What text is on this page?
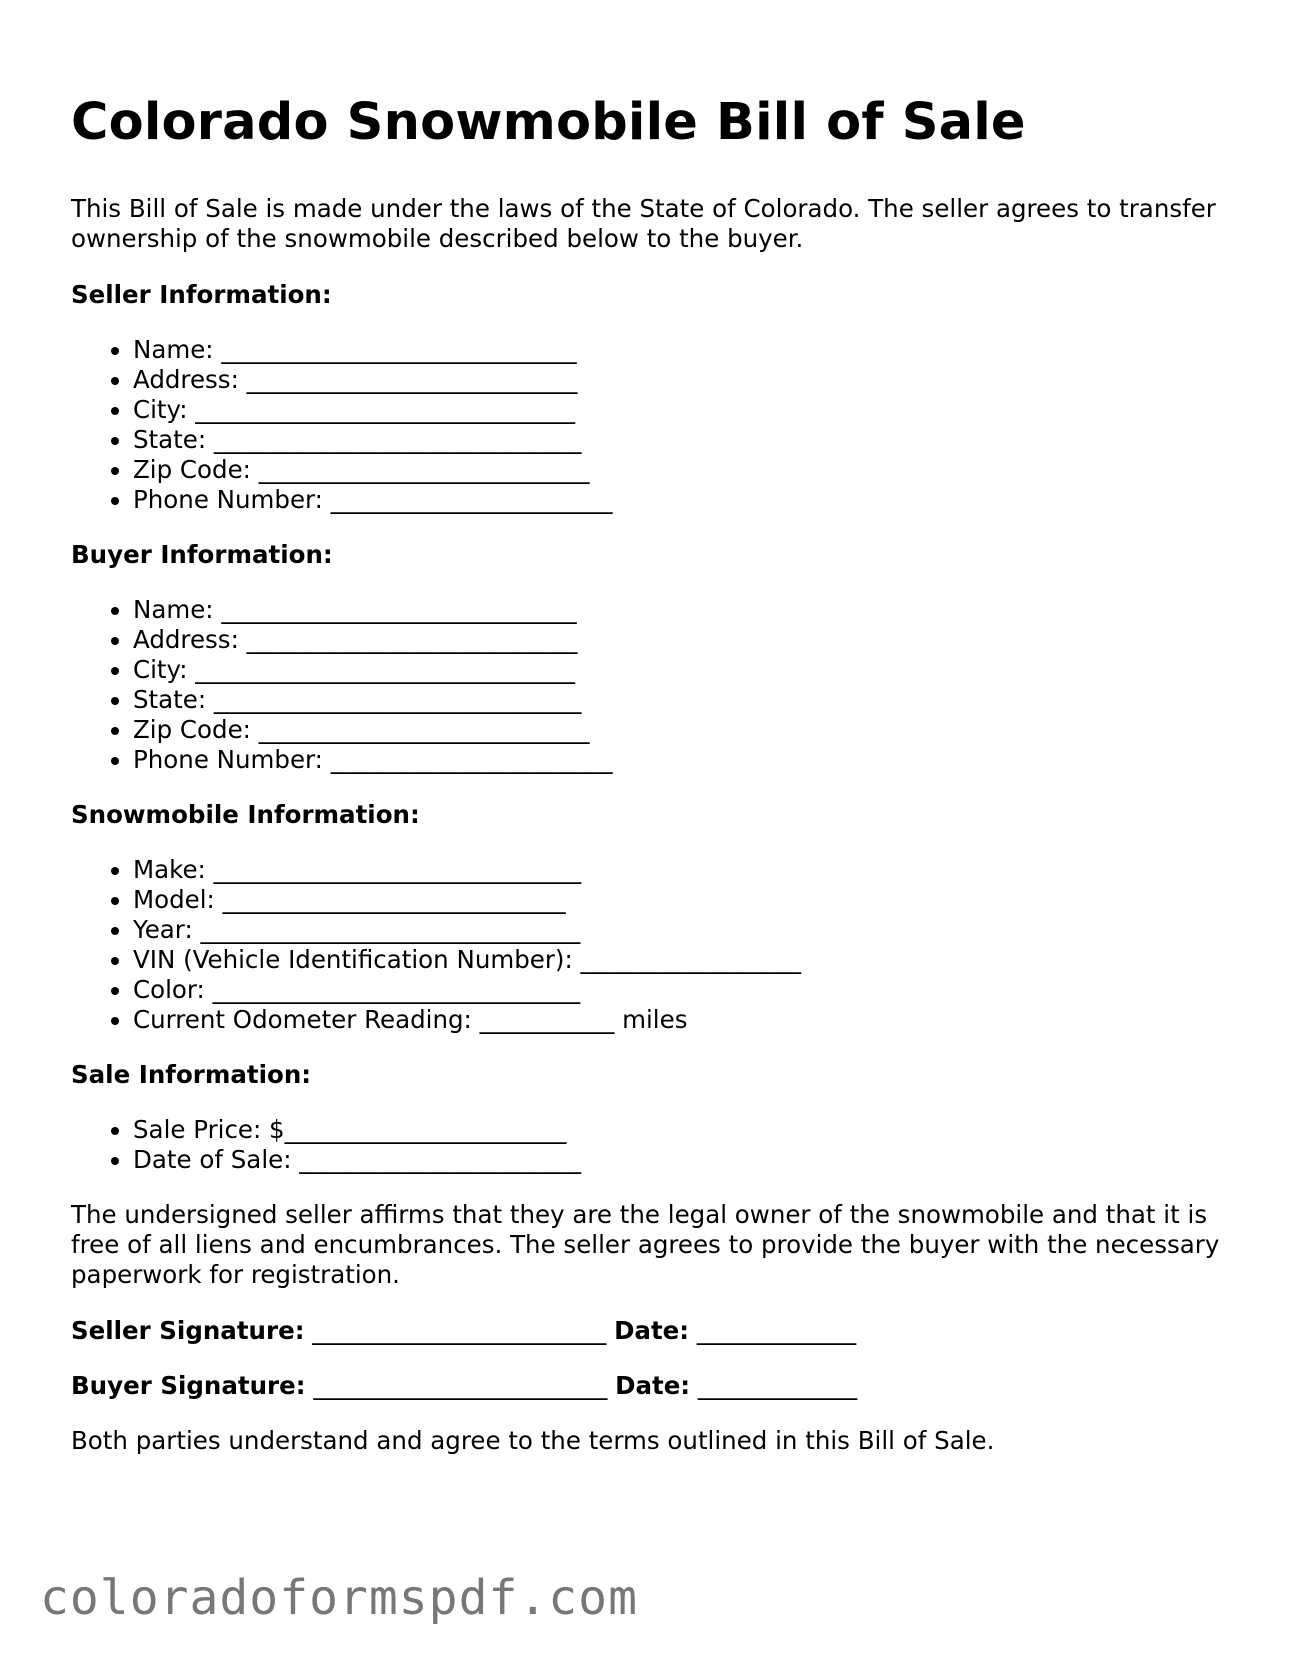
Colorado Snowmobile Bill of Sale

This Bill of Sale is made under the laws of the State of Colorado. The seller agrees to transfer ownership of the snowmobile described below to the buyer.

Seller Information:
• Name: _____________________________
• Address: ___________________________
• City: _______________________________
• State: ______________________________
• Zip Code: ___________________________
• Phone Number: _______________________
Buyer Information:
• Name: _____________________________
• Address: ___________________________
• City: _______________________________
• State: ______________________________
• Zip Code: ___________________________
• Phone Number: _______________________
Snowmobile Information:
• Make: ______________________________
• Model: ____________________________
• Year: _______________________________
• VIN (Vehicle Identification Number): __________________
• Color: ______________________________
• Current Odometer Reading: ___________ miles
Sale Information:
• Sale Price: $_______________________
• Date of Sale: _______________________

The undersigned seller affirms that they are the legal owner of the snowmobile and that it is free of all liens and encumbrances. The seller agrees to provide the buyer with the necessary paperwork for registration.

Seller Signature: ________________________ Date: _____________
Buyer Signature: ________________________ Date: _____________

Both parties understand and agree to the terms outlined in this Bill of Sale.

coloradoformspdf.com
